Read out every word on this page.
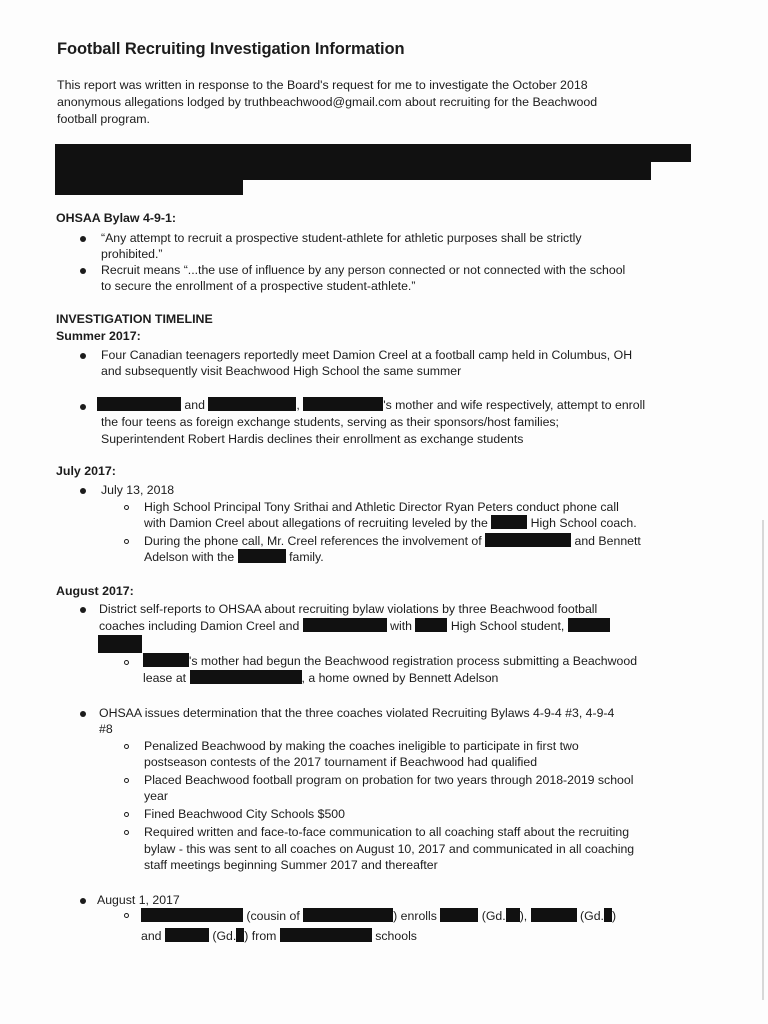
Football Recruiting Investigation Information
This report was written in response to the Board's request for me to investigate the October 2018
anonymous allegations lodged by truthbeachwood@gmail.com about recruiting for the Beachwood
football program.
OHSAA Bylaw 4-9-1:
“Any attempt to recruit a prospective student-athlete for athletic purposes shall be strictly
prohibited.”
Recruit means “...the use of influence by any person connected or not connected with the school
to secure the enrollment of a prospective student-athlete.”
INVESTIGATION TIMELINE
Summer 2017:
Four Canadian teenagers reportedly meet Damion Creel at a football camp held in Columbus, OH
and subsequently visit Beachwood High School the same summer
and	,	's mother and wife respectively, attempt to enroll
the four teens as foreign exchange students, serving as their sponsors/host families;
Superintendent Robert Hardis declines their enrollment as exchange students
July 2017:
July 13, 2018
High School Principal Tony Srithai and Athletic Director Ryan Peters conduct phone call
with Damion Creel about allegations of recruiting leveled by the	High School coach.
During the phone call, Mr. Creel references the involvement of	and Bennett
Adelson with the	family.
August 2017:
District self-reports to OHSAA about recruiting bylaw violations by three Beachwood football
coaches including Damion Creel and	with	High School student,
's mother had begun the Beachwood registration process submitting a Beachwood
lease at	, a home owned by Bennett Adelson
OHSAA issues determination that the three coaches violated Recruiting Bylaws 4-9-4 #3, 4-9-4
#8
Penalized Beachwood by making the coaches ineligible to participate in first two
postseason contests of the 2017 tournament if Beachwood had qualified
Placed Beachwood football program on probation for two years through 2018-2019 school
year
Fined Beachwood City Schools $500
Required written and face-to-face communication to all coaching staff about the recruiting
bylaw - this was sent to all coaches on August 10, 2017 and communicated in all coaching
staff meetings beginning Summer 2017 and thereafter
August 1, 2017
(cousin of	) enrolls	(Gd. ),	(Gd. )
and	(Gd. ) from	schools
